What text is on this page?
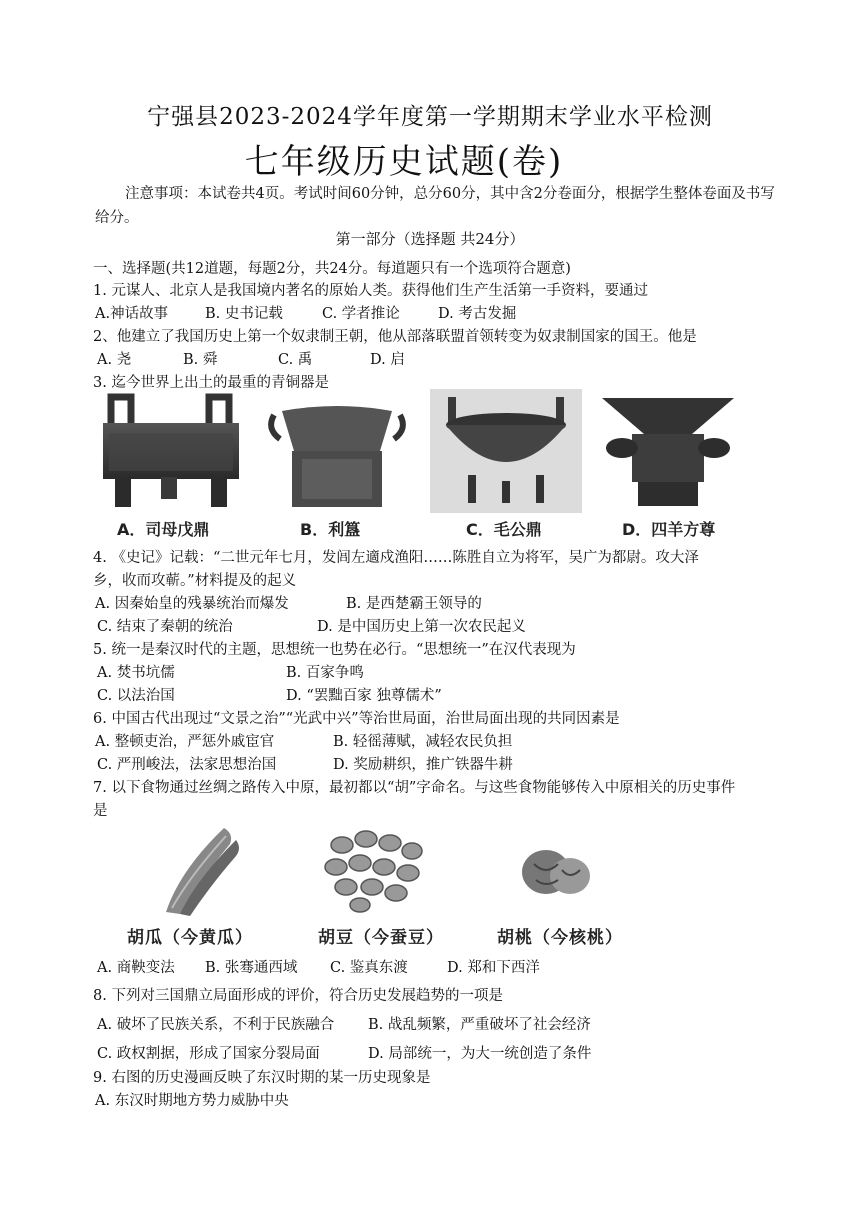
宁强县2023-2024学年度第一学期期末学业水平检测
七年级历史试题(卷)
注意事项：本试卷共4页。考试时间60分钟，总分60分，其中含2分卷面分，根据学生整体卷面及书写给分。
第一部分（选择题 共24分）
一、选择题(共12道题，每题2分，共24分。每道题只有一个选项符合题意)
1. 元谋人、北京人是我国境内著名的原始人类。获得他们生产生活第一手资料，要通过
A.神话故事	B. 史书记载	C. 学者推论	D. 考古发掘
2、他建立了我国历史上第一个奴隶制王朝，他从部落联盟首领转变为奴隶制国家的国王。他是
A. 尧	B. 舜	C. 禹	D. 启
3. 迄今世界上出土的最重的青铜器是
A．司母戊鼎	B．利簋	C．毛公鼎	D．四羊方尊
4. 《史记》记载：“二世元年七月，发闾左適戍渔阳……陈胜自立为将军，吴广为都尉。攻大泽
乡，收而攻蕲。”材料提及的起义
A. 因秦始皇的残暴统治而爆发	B. 是西楚霸王领导的
C. 结束了秦朝的统治	D. 是中国历史上第一次农民起义
5. 统一是秦汉时代的主题，思想统一也势在必行。“思想统一”在汉代表现为
A. 焚书坑儒	B. 百家争鸣
C. 以法治国	D. “罢黜百家 独尊儒术”
6. 中国古代出现过“文景之治”“光武中兴”等治世局面，治世局面出现的共同因素是
A. 整顿吏治，严惩外戚宦官	B. 轻徭薄赋，减轻农民负担
C. 严刑峻法，法家思想治国	D. 奖励耕织，推广铁器牛耕
7. 以下食物通过丝绸之路传入中原，最初都以“胡”字命名。与这些食物能够传入中原相关的历史事件
是
胡瓜（今黄瓜）	胡豆（今蚕豆）	胡桃（今核桃）
A. 商鞅变法 B. 张骞通西域 C. 鉴真东渡	D. 郑和下西洋
8. 下列对三国鼎立局面形成的评价，符合历史发展趋势的一项是
A. 破坏了民族关系，不利于民族融合 B. 战乱频繁，严重破坏了社会经济
C. 政权割据，形成了国家分裂局面	D. 局部统一，为大一统创造了条件
9. 右图的历史漫画反映了东汉时期的某一历史现象是
A. 东汉时期地方势力威胁中央
